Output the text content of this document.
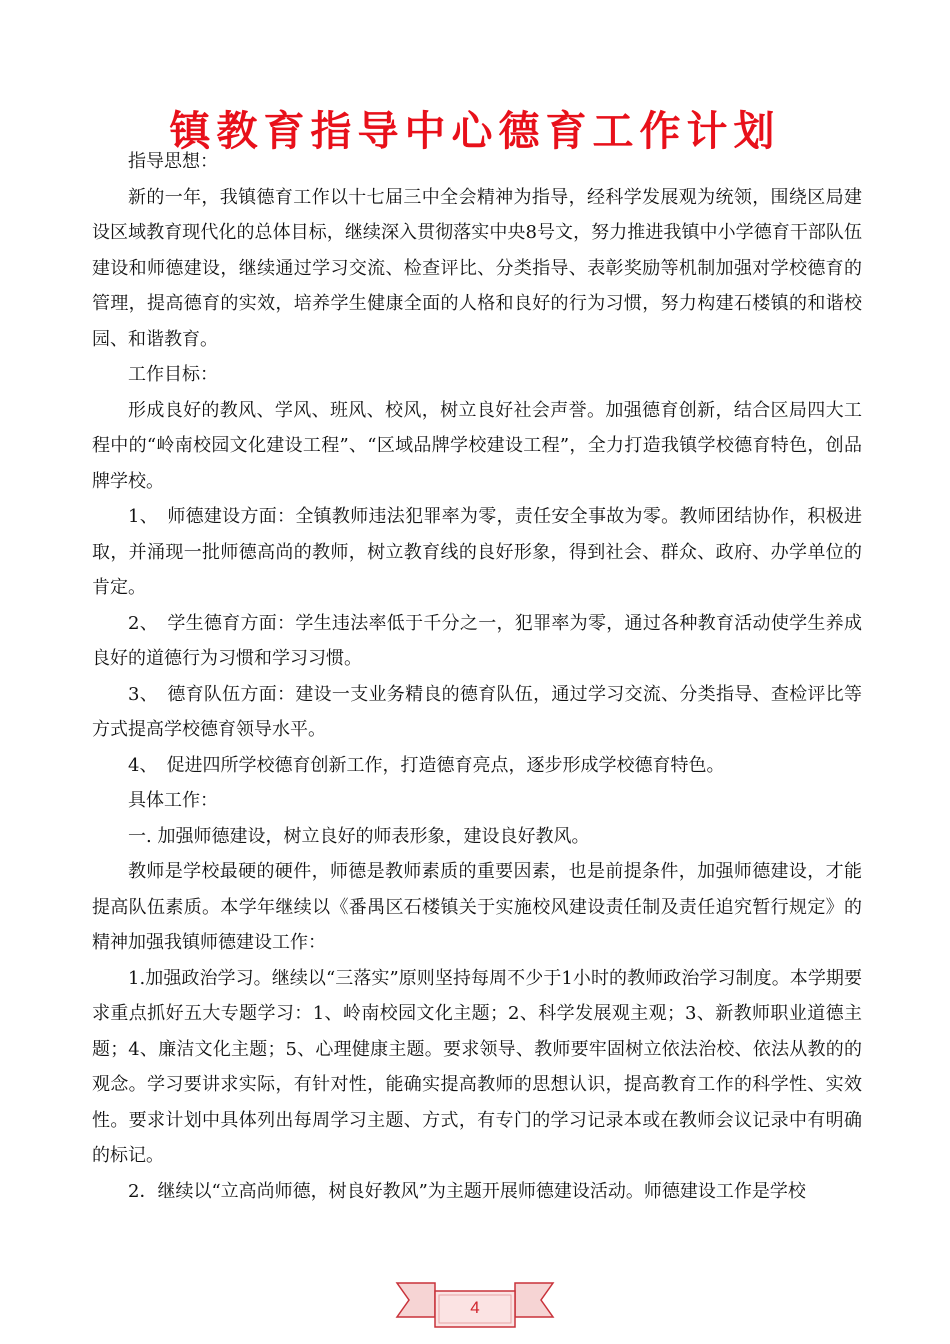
镇教育指导中心德育工作计划

指导思想：

新的一年，我镇德育工作以十七届三中全会精神为指导，经科学发展观为统领，围绕区局建设区域教育现代化的总体目标，继续深入贯彻落实中央8号文，努力推进我镇中小学德育干部队伍建设和师德建设，继续通过学习交流、检查评比、分类指导、表彰奖励等机制加强对学校德育的管理，提高德育的实效，培养学生健康全面的人格和良好的行为习惯，努力构建石楼镇的和谐校园、和谐教育。

工作目标：

形成良好的教风、学风、班风、校风，树立良好社会声誉。加强德育创新，结合区局四大工程中的“岭南校园文化建设工程”、“区域品牌学校建设工程”，全力打造我镇学校德育特色，创品牌学校。

1、　师德建设方面：全镇教师违法犯罪率为零，责任安全事故为零。教师团结协作，积极进取，并涌现一批师德高尚的教师，树立教育线的良好形象，得到社会、群众、政府、办学单位的肯定。

2、　学生德育方面：学生违法率低于千分之一，犯罪率为零，通过各种教育活动使学生养成良好的道德行为习惯和学习习惯。

3、　德育队伍方面：建设一支业务精良的德育队伍，通过学习交流、分类指导、查检评比等方式提高学校德育领导水平。

4、　促进四所学校德育创新工作，打造德育亮点，逐步形成学校德育特色。

具体工作：

一. 加强师德建设，树立良好的师表形象，建设良好教风。

教师是学校最硬的硬件，师德是教师素质的重要因素，也是前提条件，加强师德建设，才能提高队伍素质。本学年继续以《番禺区石楼镇关于实施校风建设责任制及责任追究暂行规定》的精神加强我镇师德建设工作：

1.加强政治学习。继续以“三落实”原则坚持每周不少于1小时的教师政治学习制度。本学期要求重点抓好五大专题学习：1、岭南校园文化主题；2、科学发展观主观；3、新教师职业道德主题；4、廉洁文化主题；5、心理健康主题。要求领导、教师要牢固树立依法治校、依法从教的的观念。学习要讲求实际，有针对性，能确实提高教师的思想认识，提高教育工作的科学性、实效性。要求计划中具体列出每周学习主题、方式，有专门的学习记录本或在教师会议记录中有明确的标记。

2．继续以“立高尚师德，树良好教风”为主题开展师德建设活动。师德建设工作是学校

4
